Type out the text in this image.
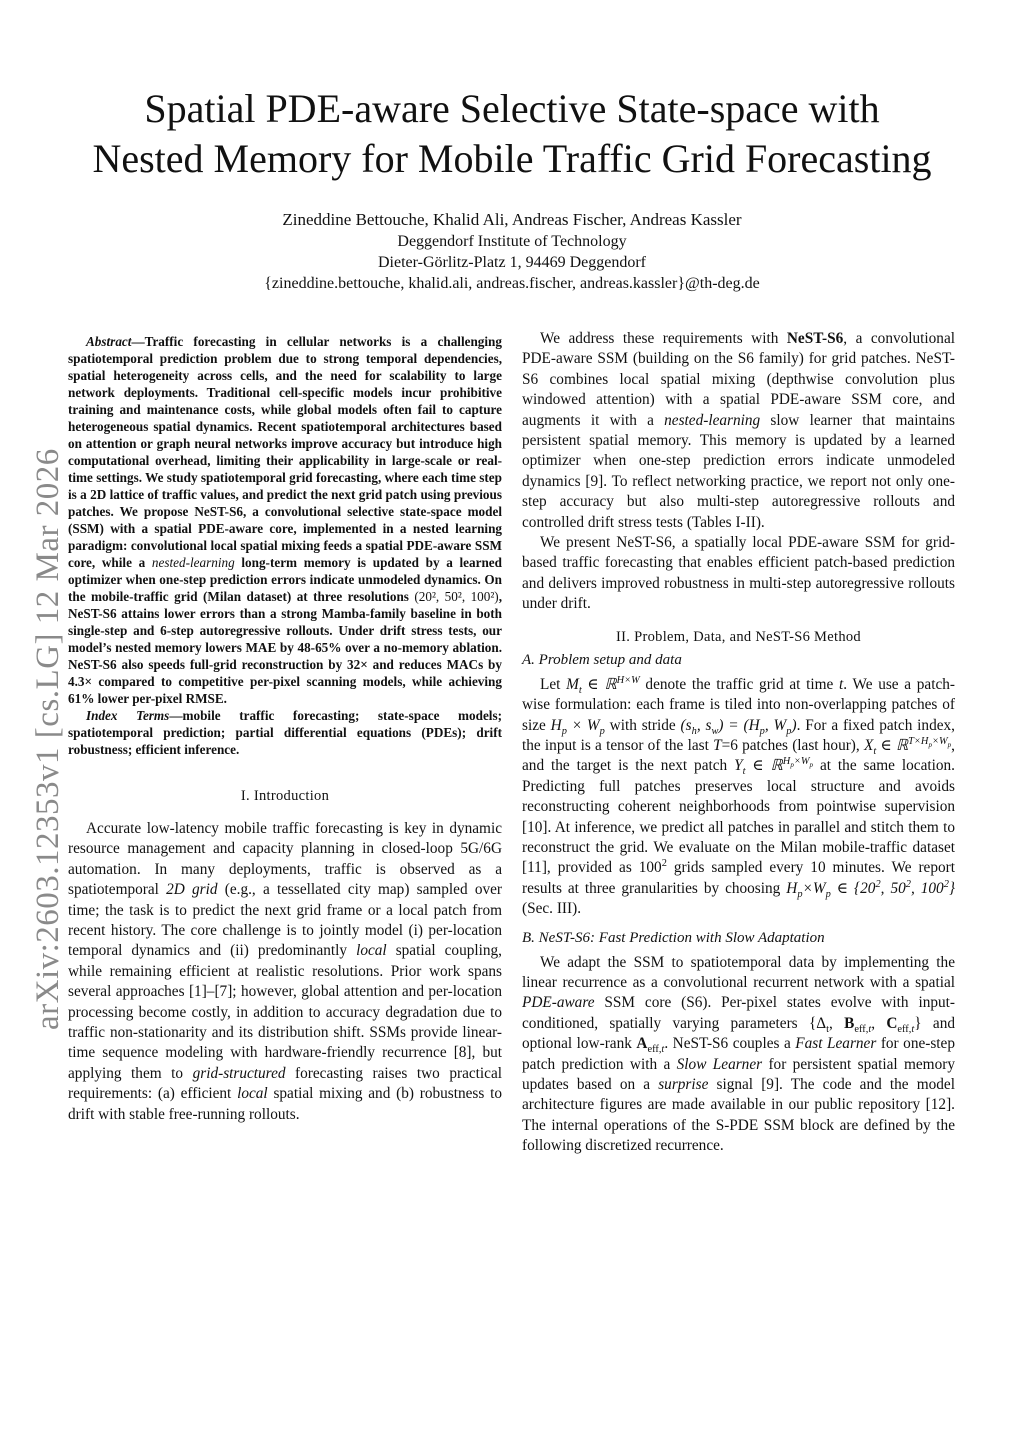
Spatial PDE-aware Selective State-space with
Nested Memory for Mobile Traffic Grid Forecasting
Zineddine Bettouche, Khalid Ali, Andreas Fischer, Andreas Kassler
Deggendorf Institute of Technology
Dieter-Görlitz-Platz 1, 94469 Deggendorf
{zineddine.bettouche, khalid.ali, andreas.fischer, andreas.kassler}@th-deg.de
arXiv:2603.12353v1 [cs.LG] 12 Mar 2026

Abstract—Traffic forecasting in cellular networks is a challenging spatiotemporal prediction problem due to strong temporal dependencies, spatial heterogeneity across cells, and the need for scalability to large network deployments. Traditional cell-specific models incur prohibitive training and maintenance costs, while global models often fail to capture heterogeneous spatial dynamics. Recent spatiotemporal architectures based on attention or graph neural networks improve accuracy but introduce high computational overhead, limiting their applicability in large-scale or real-time settings. We study spatiotemporal grid forecasting, where each time step is a 2D lattice of traffic values, and predict the next grid patch using previous patches. We propose NeST-S6, a convolutional selective state-space model (SSM) with a spatial PDE-aware core, implemented in a nested learning paradigm: convolutional local spatial mixing feeds a spatial PDE-aware SSM core, while a nested-learning long-term memory is updated by a learned optimizer when one-step prediction errors indicate unmodeled dynamics. On the mobile-traffic grid (Milan dataset) at three resolutions (20², 50², 100²), NeST-S6 attains lower errors than a strong Mamba-family baseline in both single-step and 6-step autoregressive rollouts. Under drift stress tests, our model’s nested memory lowers MAE by 48-65% over a no-memory ablation. NeST-S6 also speeds full-grid reconstruction by 32× and reduces MACs by 4.3× compared to competitive per-pixel scanning models, while achieving 61% lower per-pixel RMSE.

Index Terms—mobile traffic forecasting; state-space models; spatiotemporal prediction; partial differential equations (PDEs); drift robustness; efficient inference.

I. Introduction

Accurate low-latency mobile traffic forecasting is key in dynamic resource management and capacity planning in closed-loop 5G/6G automation. In many deployments, traffic is observed as a spatiotemporal 2D grid (e.g., a tessellated city map) sampled over time; the task is to predict the next grid frame or a local patch from recent history. The core challenge is to jointly model (i) per-location temporal dynamics and (ii) predominantly local spatial coupling, while remaining efficient at realistic resolutions. Prior work spans several approaches [1]–[7]; however, global attention and per-location processing become costly, in addition to accuracy degradation due to traffic non-stationarity and its distribution shift. SSMs provide linear-time sequence modeling with hardware-friendly recurrence [8], but applying them to grid-structured forecasting raises two practical requirements: (a) efficient local spatial mixing and (b) robustness to drift with stable free-running rollouts.

We address these requirements with NeST-S6, a convolutional PDE-aware SSM (building on the S6 family) for grid patches. NeST-S6 combines local spatial mixing (depthwise convolution plus windowed attention) with a spatial PDE-aware SSM core, and augments it with a nested-learning slow learner that maintains persistent spatial memory. This memory is updated by a learned optimizer when one-step prediction errors indicate unmodeled dynamics [9]. To reflect networking practice, we report not only one-step accuracy but also multi-step autoregressive rollouts and controlled drift stress tests (Tables I-II).

We present NeST-S6, a spatially local PDE-aware SSM for grid-based traffic forecasting that enables efficient patch-based prediction and delivers improved robustness in multi-step autoregressive rollouts under drift.

II. Problem, Data, and NeST-S6 Method
A. Problem setup and data

Let $M_t$ ∈ ℝ$^{H\times W}$ denote the traffic grid at time t. We use a patch-wise formulation: each frame is tiled into non-overlapping patches of size $H_p \times W_p$ with stride ($s_h$, $s_w) = (H_p$, $W_p$). For a fixed patch index, the input is a tensor of the last T=6 patches (last hour), $X_t$ ∈ ℝ$^{T\times H_p\times W_p}$, and the target is the next patch $Y_t$ ∈ ℝ$^{H_p\times W_p}$ at the same location. Predicting full patches preserves local structure and avoids reconstructing coherent neighborhoods from pointwise supervision [10]. At inference, we predict all patches in parallel and stitch them to reconstruct the grid. We evaluate on the Milan mobile-traffic dataset [11], provided as $100^2$ grids sampled every 10 minutes. We report results at three granularities by choosing $H_p\times W_p$ ∈ {$20^2$, $50^2$, $100^2$} (Sec. III).

B. NeST-S6: Fast Prediction with Slow Adaptation

We adapt the SSM to spatiotemporal data by implementing the linear recurrence as a convolutional recurrent network with a spatial PDE-aware SSM core (S6). Per-pixel states evolve with input-conditioned, spatially varying parameters {$\Delta_t$, $B_{eff,t}$, $C_{eff,t}$} and optional low-rank $A_{eff,t}$. NeST-S6 couples a Fast Learner for one-step patch prediction with a Slow Learner for persistent spatial memory updates based on a surprise signal [9]. The code and the model architecture figures are made available in our public repository [12]. The internal operations of the S-PDE SSM block are defined by the following discretized recurrence.
